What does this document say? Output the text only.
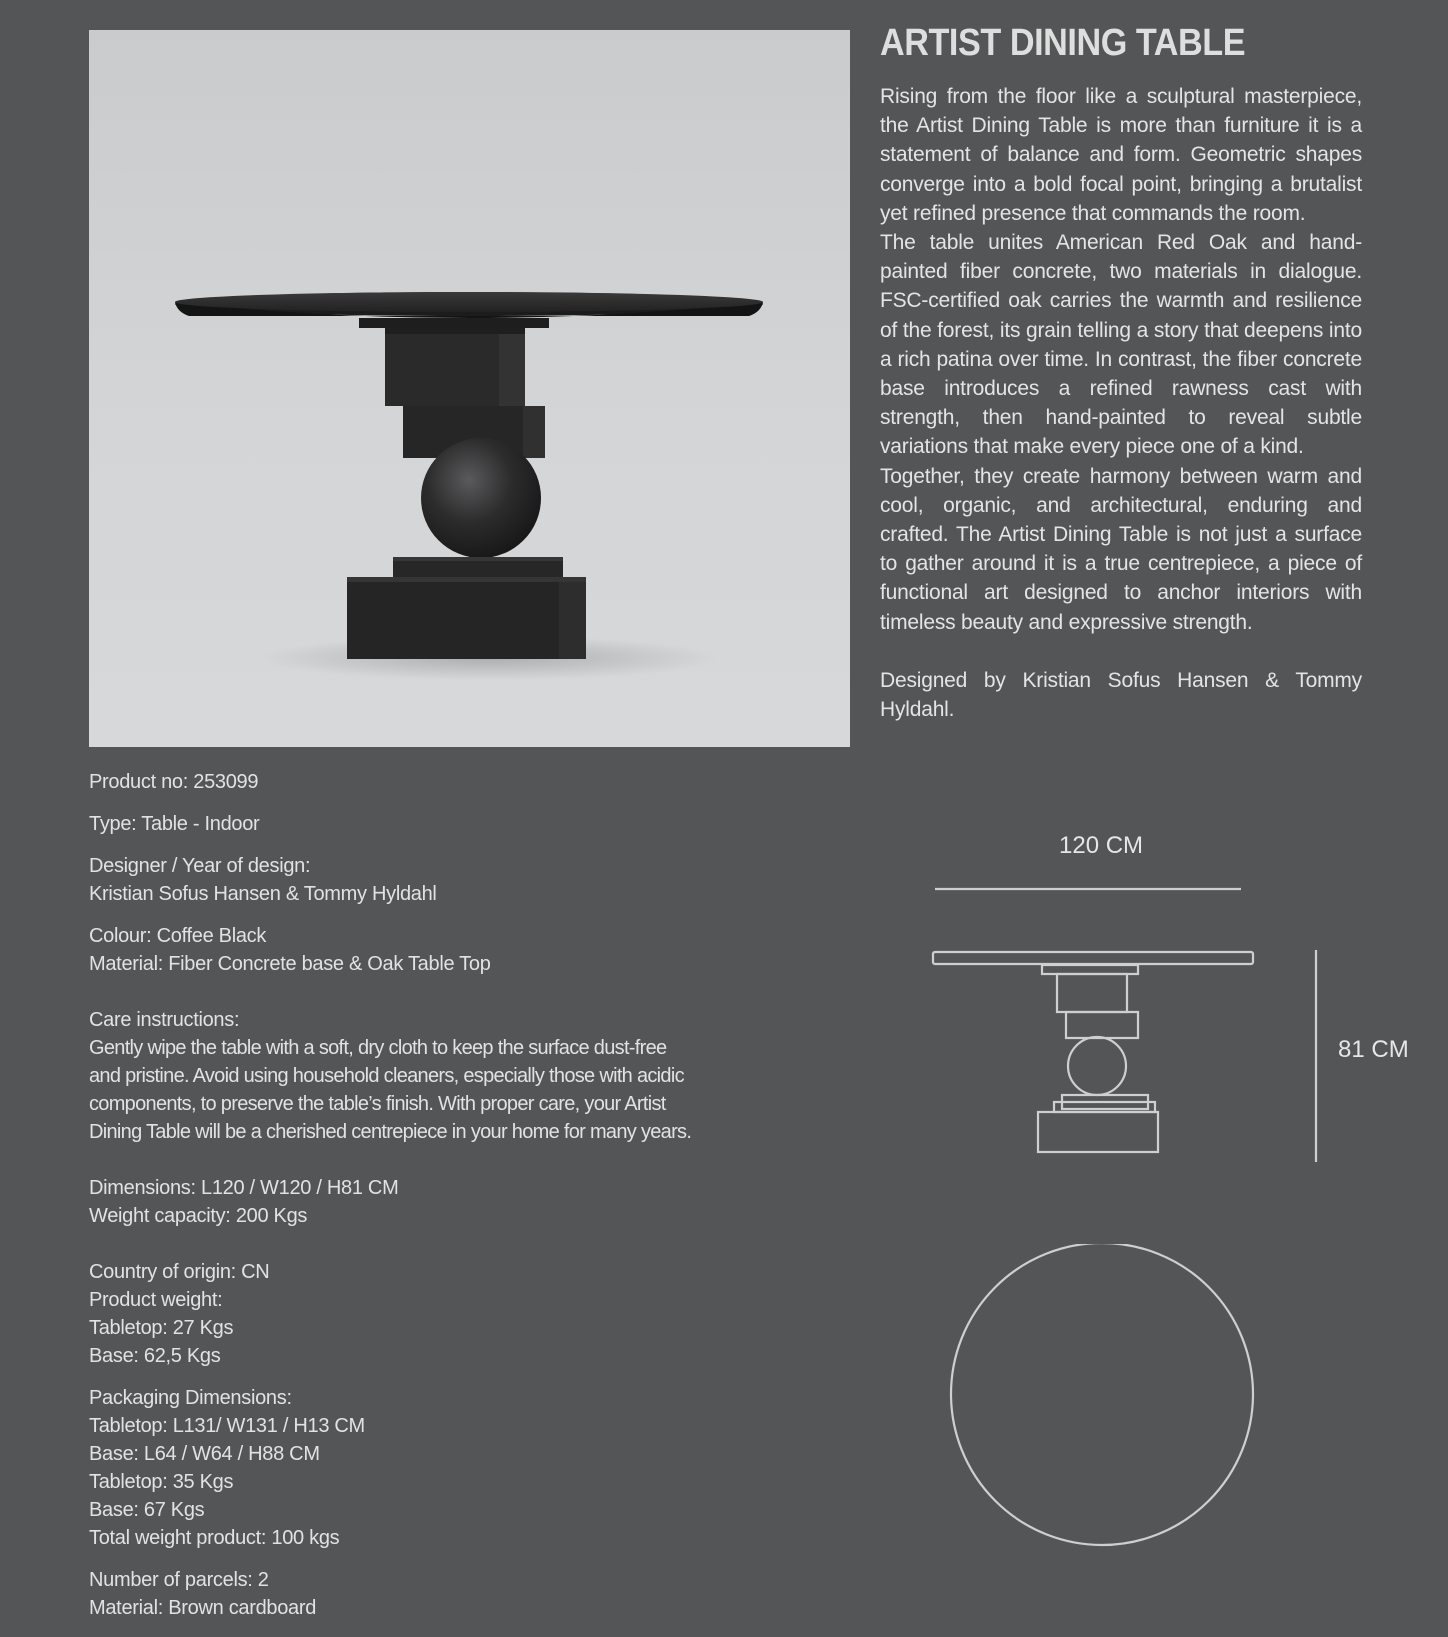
ARTIST DINING TABLE

Rising from the floor like a sculptural masterpiece, the Artist Dining Table is more than furniture it is a statement of balance and form. Geometric shapes converge into a bold focal point, bringing a brutalist yet refined presence that commands the room.

The table unites American Red Oak and hand-painted fiber concrete, two materials in dialogue. FSC-certified oak carries the warmth and resilience of the forest, its grain telling a story that deepens into a rich patina over time. In contrast, the fiber concrete base introduces a refined rawness cast with strength, then hand-painted to reveal subtle variations that make every piece one of a kind.

Together, they create harmony between warm and cool, organic, and architectural, enduring and crafted. The Artist Dining Table is not just a surface to gather around it is a true centrepiece, a piece of functional art designed to anchor interiors with timeless beauty and expressive strength.

Designed by Kristian Sofus Hansen & Tommy Hyldahl.

Product no: 253099
Type: Table - Indoor
Designer / Year of design:
Kristian Sofus Hansen & Tommy Hyldahl
Colour: Coffee Black
Material: Fiber Concrete base & Oak Table Top
Care instructions:
Gently wipe the table with a soft, dry cloth to keep the surface dust-free
and pristine. Avoid using household cleaners, especially those with acidic
components, to preserve the table’s finish. With proper care, your Artist
Dining Table will be a cherished centrepiece in your home for many years.
Dimensions: L120 / W120 / H81 CM
Weight capacity: 200 Kgs
Country of origin: CN
Product weight:
Tabletop: 27 Kgs
Base: 62,5 Kgs
Packaging Dimensions:
Tabletop: L131/ W131 / H13 CM
Base: L64 / W64 / H88 CM
Tabletop: 35 Kgs
Base: 67 Kgs
Total weight product: 100 kgs
Number of parcels: 2
Material: Brown cardboard
120 CM
81 CM
